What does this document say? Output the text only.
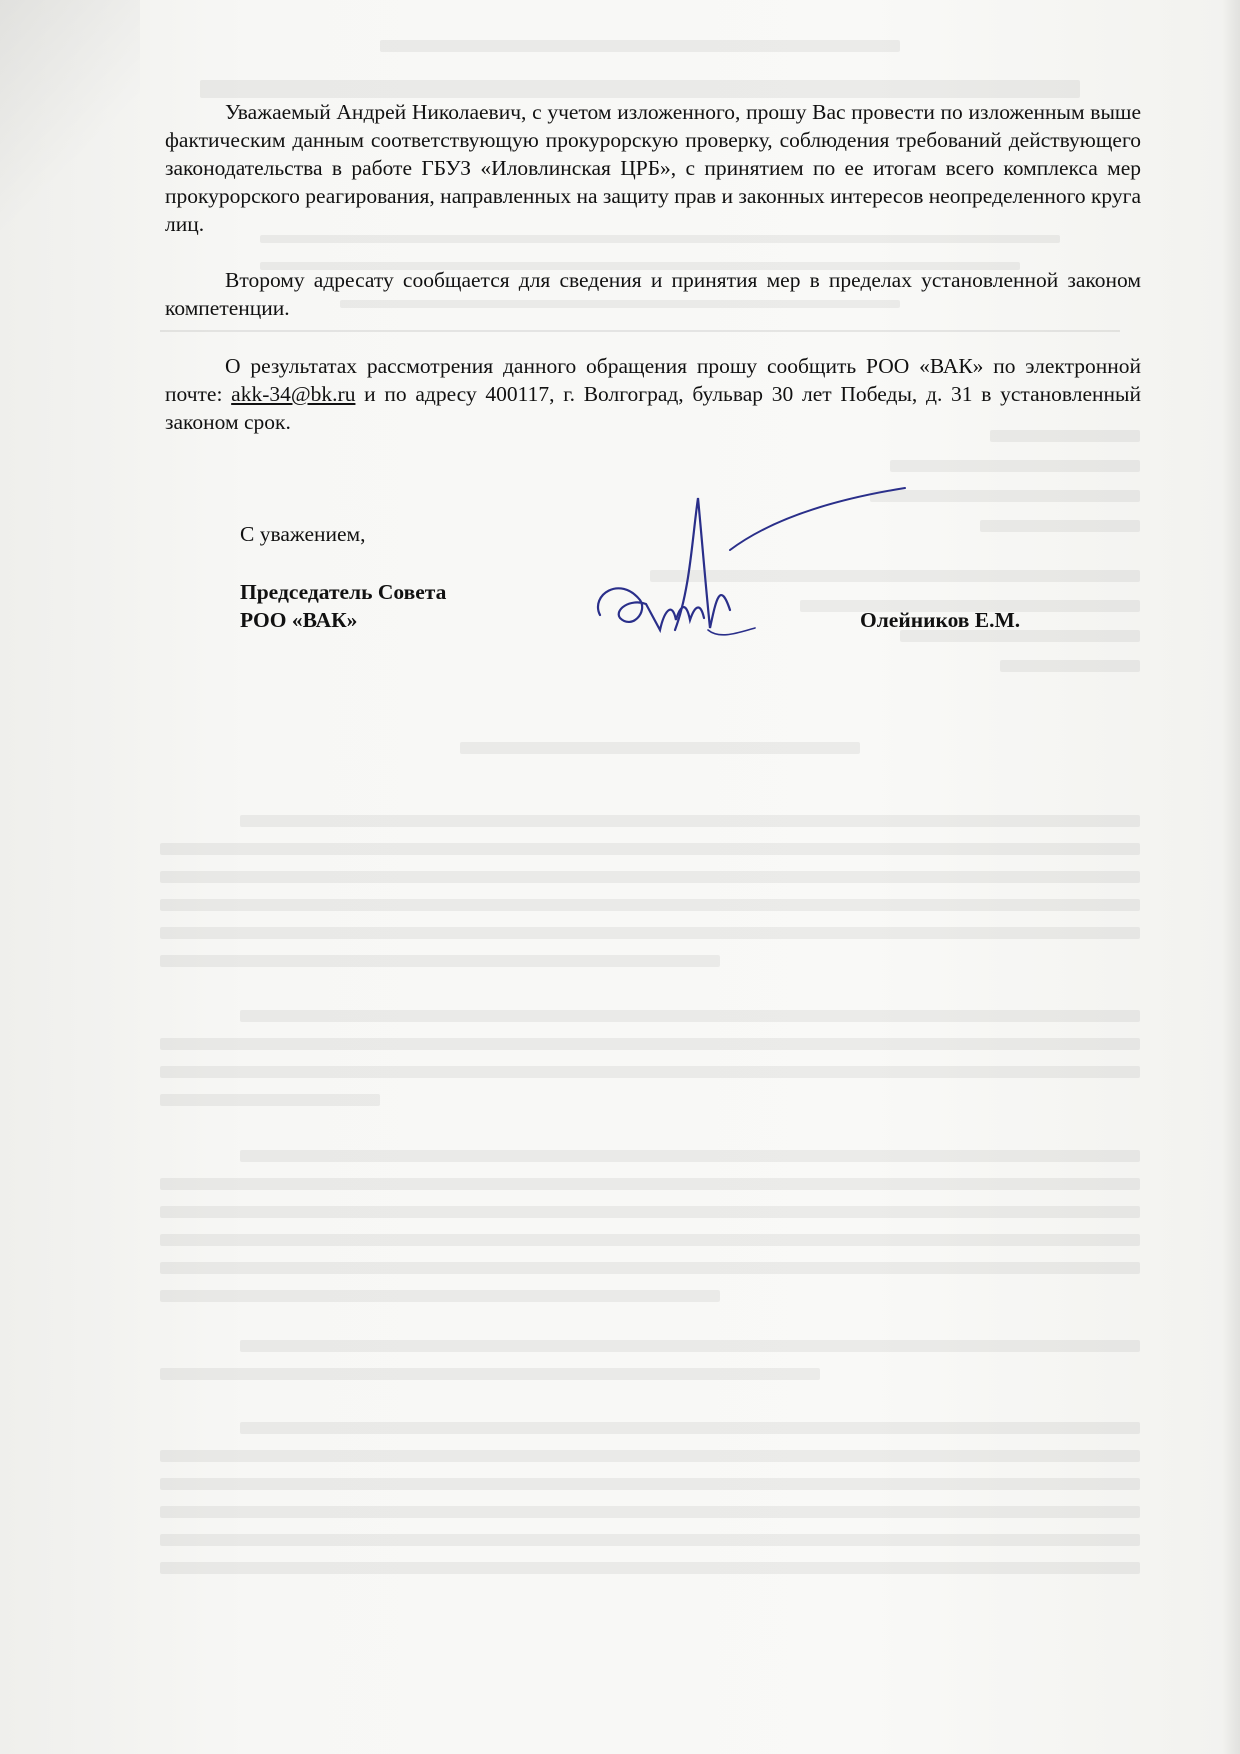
Уважаемый Андрей Николаевич, с учетом изложенного, прошу Вас провести по изложенным выше фактическим данным соответствующую прокурорскую проверку, соблюдения требований действующего законодательства в работе ГБУЗ «Иловлинская ЦРБ», с принятием по ее итогам всего комплекса мер прокурорского реагирования, направленных на защиту прав и законных интересов неопределенного круга лиц.

Второму адресату сообщается для сведения и принятия мер в пределах установленной законом компетенции.

О результатах рассмотрения данного обращения прошу сообщить РОО «ВАК» по электронной почте: akk-34@bk.ru и по адресу 400117, г. Волгоград, бульвар 30 лет Победы, д. 31 в установленный законом срок.

С уважением,
Председатель Совета
РОО «ВАК»	Олейников Е.М.
